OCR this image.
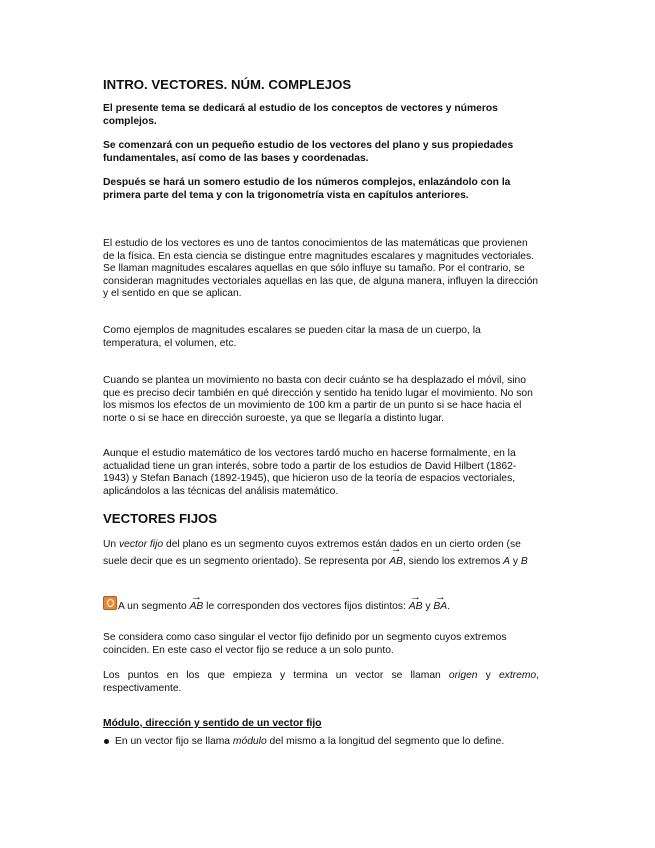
INTRO. VECTORES. NÚM. COMPLEJOS

El presente tema se dedicará al estudio de los conceptos de vectores y números complejos.

Se comenzará con un pequeño estudio de los vectores del plano y sus propiedades fundamentales, así como de las bases y coordenadas.

Después se hará un somero estudio de los números complejos, enlazándolo con la primera parte del tema y con la trigonometría vista en capítulos anteriores.

El estudio de los vectores es uno de tantos conocimientos de las matemáticas que provienen de la física. En esta ciencia se distingue entre magnitudes escalares y magnitudes vectoriales. Se llaman magnitudes escalares aquellas en que sólo influye su tamaño. Por el contrario, se consideran magnitudes vectoriales aquellas en las que, de alguna manera, influyen la dirección y el sentido en que se aplican.

Como ejemplos de magnitudes escalares se pueden citar la masa de un cuerpo, la temperatura, el volumen, etc.

Cuando se plantea un movimiento no basta con decir cuánto se ha desplazado el móvil, sino que es preciso decir también en qué dirección y sentido ha tenido lugar el movimiento. No son los mismos los efectos de un movimiento de 100 km a partir de un punto si se hace hacia el norte o si se hace en dirección suroeste, ya que se llegaría a distinto lugar.

Aunque el estudio matemático de los vectores tardó mucho en hacerse formalmente, en la actualidad tiene un gran interés, sobre todo a partir de los estudios de David Hilbert (1862-1943) y Stefan Banach (1892-1945), que hicieron uso de la teoría de espacios vectoriales, aplicándolos a las técnicas del análisis matemático.

VECTORES FIJOS

Un vector fijo del plano es un segmento cuyos extremos están dados en un cierto orden (se suele decir que es un segmento orientado). Se representa por → AB, siendo los extremos A y B

A un segmento → AB le corresponden dos vectores fijos distintos: → AB y → BA.

Se considera como caso singular el vector fijo definido por un segmento cuyos extremos coinciden. En este caso el vector fijo se reduce a un solo punto.

Los puntos en los que empieza y termina un vector se llaman origen y extremo, respectivamente.

Módulo, dirección y sentido de un vector fijo

En un vector fijo se llama módulo del mismo a la longitud del segmento que lo define.
